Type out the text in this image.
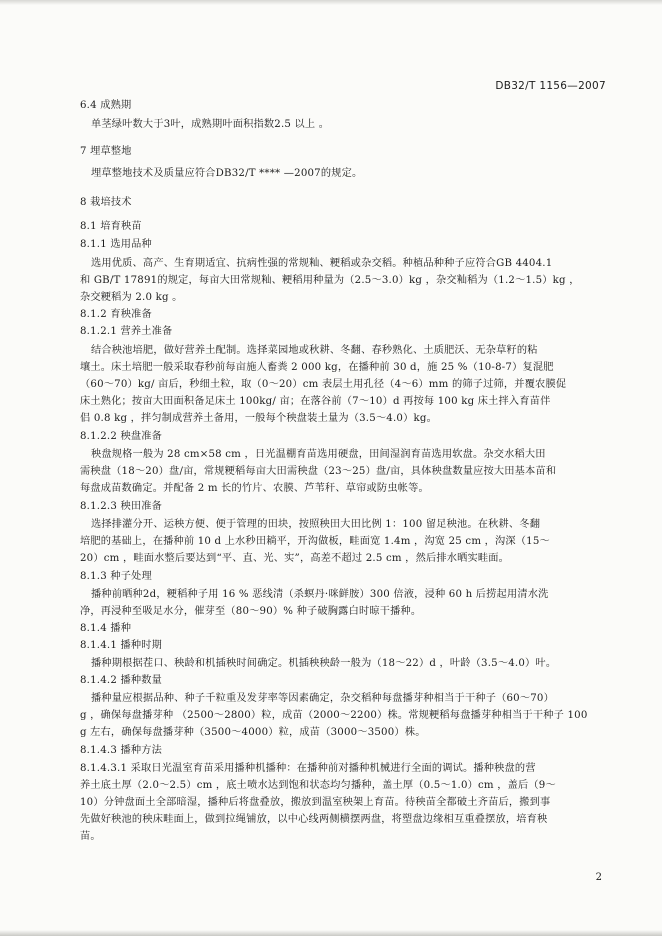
DB32/T 1156—2007
6.4 成熟期
单茎绿叶数大于3叶，成熟期叶面积指数2.5 以上 。
7 埋草整地
埋草整地技术及质量应符合DB32/T **** —2007的规定。
8 栽培技术
8.1 培育秧苗
8.1.1 选用品种
选用优质、高产、生育期适宜、抗病性强的常规籼、粳稻或杂交稻。种植品种种子应符合GB 4404.1
和 GB/T 17891的规定，每亩大田常规籼、粳稻用种量为（2.5～3.0）kg ，杂交籼稻为（1.2～1.5）kg ，
杂交粳稻为 2.0 kg 。
8.1.2 育秧准备
8.1.2.1 营养土准备
结合秧池培肥，做好营养土配制。选择菜园地或秋耕、冬翻、春秒熟化、土质肥沃、无杂草籽的粘
壤土。床土培肥一般采取春秒前每亩施人畜粪 2 000 kg，在播种前 30 d，施 25 %（10-8-7）复混肥
（60～70）kg/ 亩后，秒细土粒，取（0～20）cm 表层土用孔径（4～6）mm 的筛子过筛，并覆农膜促
床土熟化；按亩大田面积备足床土 100kg/ 亩；在落谷前（7～10）d 再按每 100 kg 床土拌入育苗伴
侣 0.8 kg ，拌匀制成营养土备用，一般每个秧盘装土量为（3.5～4.0）kg。
8.1.2.2 秧盘准备
秧盘规格一般为 28 cm×58 cm ，日光温棚育苗选用硬盘，田间湿润育苗选用软盘。杂交水稻大田
需秧盘（18～20）盘/亩，常规粳稻每亩大田需秧盘（23～25）盘/亩，具体秧盘数量应按大田基本苗和
每盘成苗数确定。并配备 2 m 长的竹片、农膜、芦苇秆、草帘或防虫帐等。
8.1.2.3 秧田准备
选择排灌分开、运秧方便、便于管理的田块，按照秧田大田比例 1：100 留足秧池。在秋耕、冬翻
培肥的基础上，在播种前 10 d 上水秒田耥平，开沟做板，畦面宽 1.4m ，沟宽 25 cm ，沟深（15～
20）cm ，畦面水整后要达到“平、直、光、实”，高差不超过 2.5 cm ，然后排水晒实畦面。
8.1.3 种子处理
播种前晒种2d，粳稻种子用 16 % 恶线清（杀螟丹·咪鲜胺）300 倍液，浸种 60 h 后捞起用清水洗
净，再浸种至吸足水分，催芽至（80～90）% 种子破胸露白时晾干播种。
8.1.4 播种
8.1.4.1 播种时期
播种期根据茬口、秧龄和机插秧时间确定。机插秧秧龄一般为（18～22）d ，叶龄（3.5～4.0）叶。
8.1.4.2 播种数量
播种量应根据品种、种子千粒重及发芽率等因素确定，杂交稻种每盘播芽种相当于干种子（60～70）
g ，确保每盘播芽种 （2500～2800）粒，成苗（2000～2200）株。常规粳稻每盘播芽种相当于干种子 100
g 左右，确保每盘播芽种（3500～4000）粒，成苗（3000～3500）株。
8.1.4.3 播种方法
8.1.4.3.1 采取日光温室育苗采用播种机播种：在播种前对播种机械进行全面的调试。播种秧盘的营
养土底土厚（2.0～2.5）cm ，底土喷水达到饱和状态均匀播种，盖土厚（0.5～1.0）cm ，盖后（9～
10）分钟盘面土全部暗湿，播种后将盘叠放，搬放到温室秧架上育苗。待秧苗全都破土齐苗后，搬到事
先做好秧池的秧床畦面上，做到拉绳铺放，以中心线两侧横摆两盘，将塑盘边缘相互重叠摆放，培育秧
苗。
2
